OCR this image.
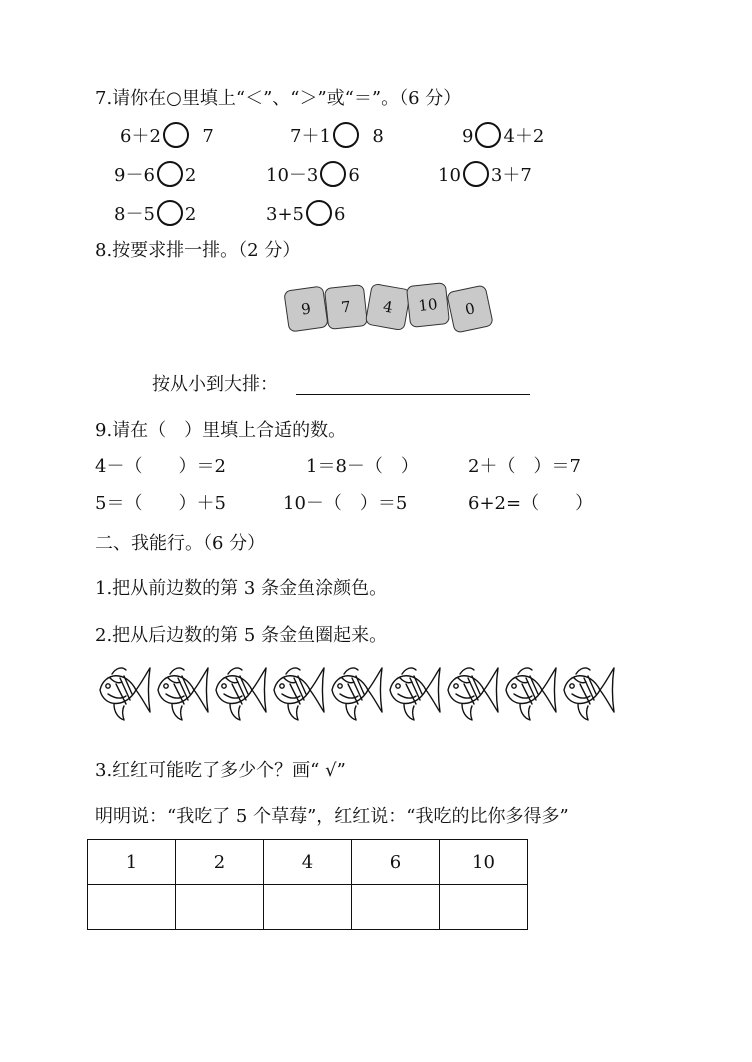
7.请你在○里填上“＜”、“＞”或“＝”。（6 分）
6＋2 7	7＋1 8	9 4＋2
9－6 2	10－3 6	10 3＋7
8－5 2	3+5 6
8.按要求排一排。（2 分）
9	7	4	10	0
按从小到大排：
9.请在（　）里填上合适的数。
4－（　　）＝2	1＝8－（　）	2＋（　）＝7
5＝（　　）＋5	10－（　）＝5	6+2=（　　）
二、我能行。（6 分）
1.把从前边数的第 3 条金鱼涂颜色。
2.把从后边数的第 5 条金鱼圈起来。
3.红红可能吃了多少个？画“ √”
明明说：“我吃了 5 个草莓”，红红说：“我吃的比你多得多”
1	2	4	6	10
